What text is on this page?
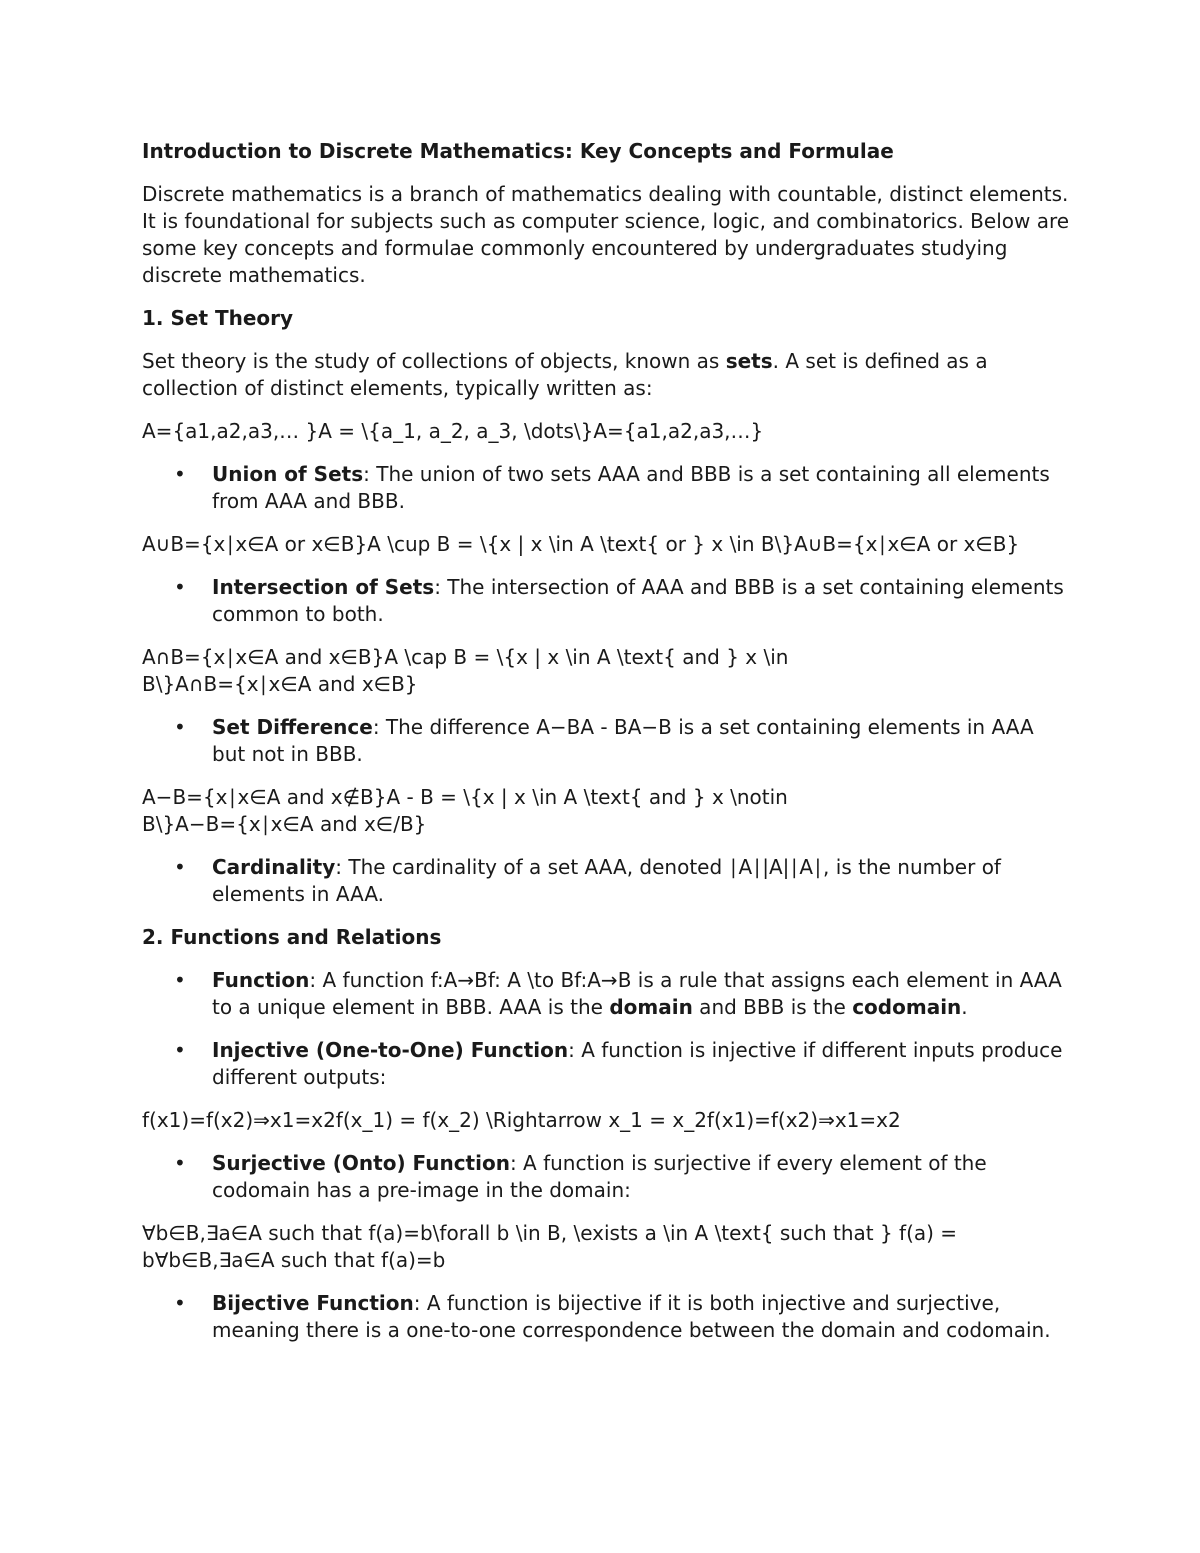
Introduction to Discrete Mathematics: Key Concepts and Formulae

Discrete mathematics is a branch of mathematics dealing with countable, distinct elements. It is foundational for subjects such as computer science, logic, and combinatorics. Below are some key concepts and formulae commonly encountered by undergraduates studying discrete mathematics.

1. Set Theory

Set theory is the study of collections of objects, known as sets. A set is defined as a collection of distinct elements, typically written as:

A={a1,a2,a3,… }A = \{a_1, a_2, a_3, \dots\}A={a1,a2,a3,…}
• Union of Sets: The union of two sets AAA and BBB is a set containing all elements from AAA and BBB.
A∪B={x∣x∈A or x∈B}A \cup B = \{x | x \in A \text{ or } x \in B\}A∪B={x∣x∈A or x∈B}
• Intersection of Sets: The intersection of AAA and BBB is a set containing elements common to both.
A∩B={x∣x∈A and x∈B}A \cap B = \{x | x \in A \text{ and } x \in B\}A∩B={x∣x∈A and x∈B}
• Set Difference: The difference A−BA - BA−B is a set containing elements in AAA but not in BBB.
A−B={x∣x∈A and x∉B}A - B = \{x | x \in A \text{ and } x \notin B\}A−B={x∣x∈A and x∈/B}
• Cardinality: The cardinality of a set AAA, denoted ∣A∣|A|∣A∣, is the number of elements in AAA.
2. Functions and Relations
• Function: A function f:A→Bf: A \to Bf:A→B is a rule that assigns each element in AAA to a unique element in BBB. AAA is the domain and BBB is the codomain.
• Injective (One-to-One) Function: A function is injective if different inputs produce different outputs:
f(x1)=f(x2)⇒x1=x2f(x_1) = f(x_2) \Rightarrow x_1 = x_2f(x1)=f(x2)⇒x1=x2
• Surjective (Onto) Function: A function is surjective if every element of the codomain has a pre-image in the domain:
∀b∈B,∃a∈A such that f(a)=b\forall b \in B, \exists a \in A \text{ such that } f(a) = b∀b∈B,∃a∈A such that f(a)=b
• Bijective Function: A function is bijective if it is both injective and surjective, meaning there is a one-to-one correspondence between the domain and codomain.
